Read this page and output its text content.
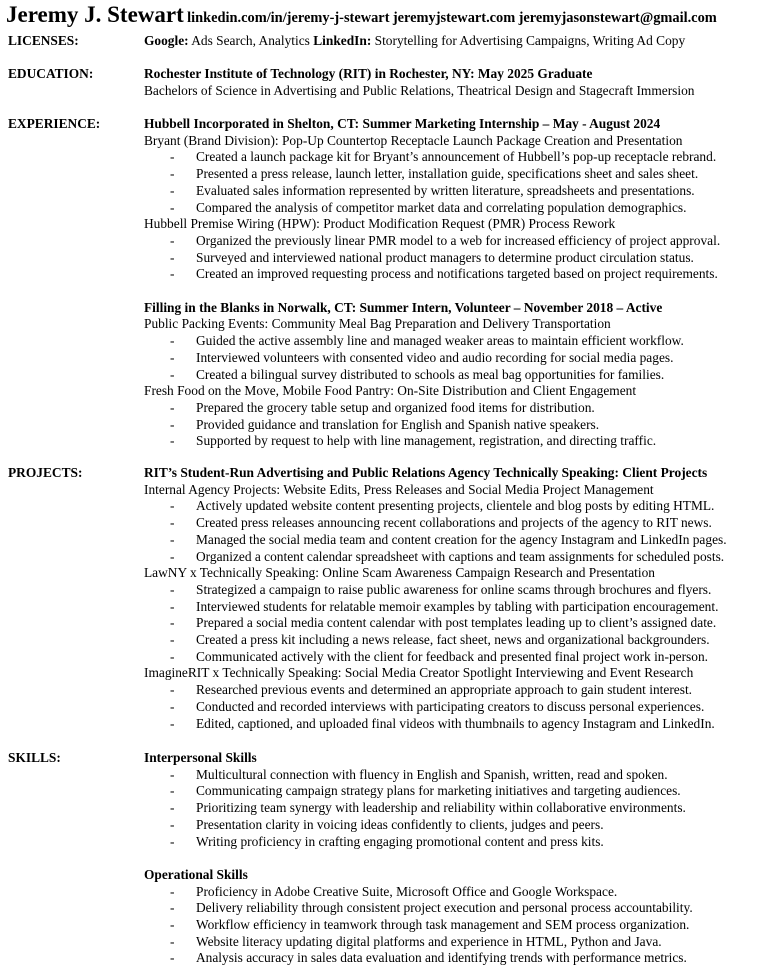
Jeremy J. Stewart linkedin.com/in/jeremy-j-stewart jeremyjstewart.com jeremyjasonstewart@gmail.com
LICENSES:	Google: Ads Search, Analytics LinkedIn: Storytelling for Advertising Campaigns, Writing Ad Copy
EDUCATION:	Rochester Institute of Technology (RIT) in Rochester, NY: May 2025 Graduate
Bachelors of Science in Advertising and Public Relations, Theatrical Design and Stagecraft Immersion
EXPERIENCE:	Hubbell Incorporated in Shelton, CT: Summer Marketing Internship – May - August 2024
Bryant (Brand Division): Pop-Up Countertop Receptacle Launch Package Creation and Presentation
- Created a launch package kit for Bryant’s announcement of Hubbell’s pop-up receptacle rebrand.
- Presented a press release, launch letter, installation guide, specifications sheet and sales sheet.
- Evaluated sales information represented by written literature, spreadsheets and presentations.
- Compared the analysis of competitor market data and correlating population demographics.
Hubbell Premise Wiring (HPW): Product Modification Request (PMR) Process Rework
- Organized the previously linear PMR model to a web for increased efficiency of project approval.
- Surveyed and interviewed national product managers to determine product circulation status.
- Created an improved requesting process and notifications targeted based on project requirements.
Filling in the Blanks in Norwalk, CT: Summer Intern, Volunteer – November 2018 – Active
Public Packing Events: Community Meal Bag Preparation and Delivery Transportation
- Guided the active assembly line and managed weaker areas to maintain efficient workflow.
- Interviewed volunteers with consented video and audio recording for social media pages.
- Created a bilingual survey distributed to schools as meal bag opportunities for families.
Fresh Food on the Move, Mobile Food Pantry: On-Site Distribution and Client Engagement
- Prepared the grocery table setup and organized food items for distribution.
- Provided guidance and translation for English and Spanish native speakers.
- Supported by request to help with line management, registration, and directing traffic.
PROJECTS:	RIT’s Student-Run Advertising and Public Relations Agency Technically Speaking: Client Projects
Internal Agency Projects: Website Edits, Press Releases and Social Media Project Management
- Actively updated website content presenting projects, clientele and blog posts by editing HTML.
- Created press releases announcing recent collaborations and projects of the agency to RIT news.
- Managed the social media team and content creation for the agency Instagram and LinkedIn pages.
- Organized a content calendar spreadsheet with captions and team assignments for scheduled posts.
LawNY x Technically Speaking: Online Scam Awareness Campaign Research and Presentation
- Strategized a campaign to raise public awareness for online scams through brochures and flyers.
- Interviewed students for relatable memoir examples by tabling with participation encouragement.
- Prepared a social media content calendar with post templates leading up to client’s assigned date.
- Created a press kit including a news release, fact sheet, news and organizational backgrounders.
- Communicated actively with the client for feedback and presented final project work in-person.
ImagineRIT x Technically Speaking: Social Media Creator Spotlight Interviewing and Event Research
- Researched previous events and determined an appropriate approach to gain student interest.
- Conducted and recorded interviews with participating creators to discuss personal experiences.
- Edited, captioned, and uploaded final videos with thumbnails to agency Instagram and LinkedIn.
SKILLS:	Interpersonal Skills
- Multicultural connection with fluency in English and Spanish, written, read and spoken.
- Communicating campaign strategy plans for marketing initiatives and targeting audiences.
- Prioritizing team synergy with leadership and reliability within collaborative environments.
- Presentation clarity in voicing ideas confidently to clients, judges and peers.
- Writing proficiency in crafting engaging promotional content and press kits.
Operational Skills
- Proficiency in Adobe Creative Suite, Microsoft Office and Google Workspace.
- Delivery reliability through consistent project execution and personal process accountability.
- Workflow efficiency in teamwork through task management and SEM process organization.
- Website literacy updating digital platforms and experience in HTML, Python and Java.
- Analysis accuracy in sales data evaluation and identifying trends with performance metrics.
